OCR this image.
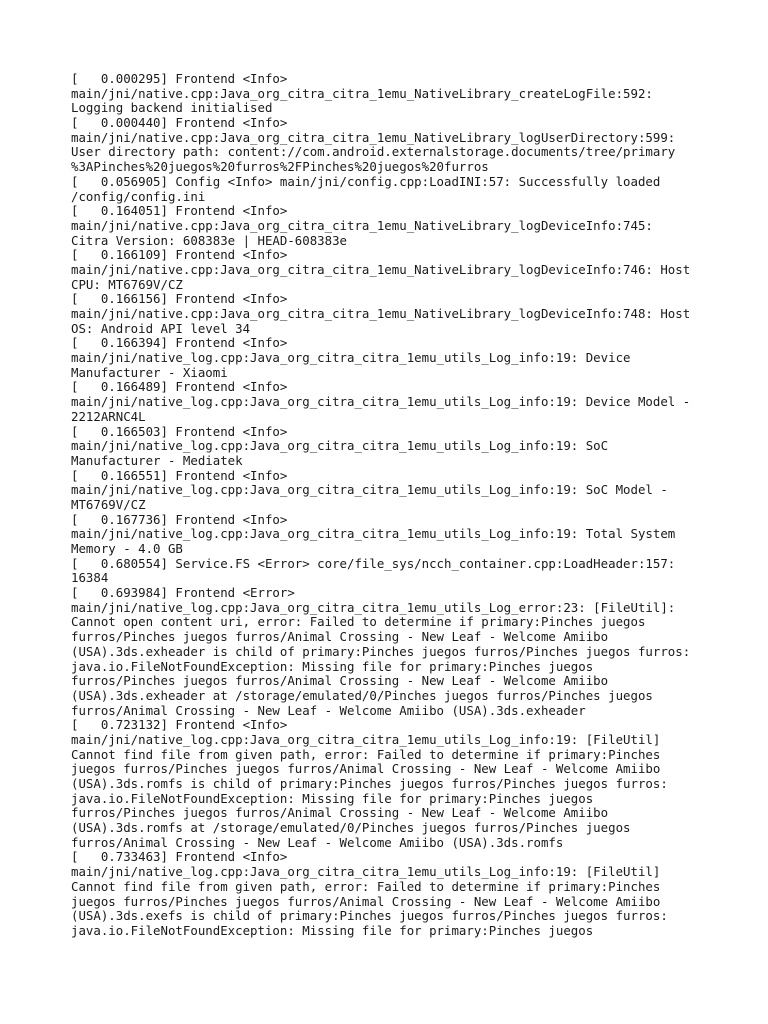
[   0.000295] Frontend <Info>
main/jni/native.cpp:Java_org_citra_citra_1emu_NativeLibrary_createLogFile:592:
Logging backend initialised
[   0.000440] Frontend <Info>
main/jni/native.cpp:Java_org_citra_citra_1emu_NativeLibrary_logUserDirectory:599:
User directory path: content://com.android.externalstorage.documents/tree/primary
%3APinches%20juegos%20furros%2FPinches%20juegos%20furros
[   0.056905] Config <Info> main/jni/config.cpp:LoadINI:57: Successfully loaded
/config/config.ini
[   0.164051] Frontend <Info>
main/jni/native.cpp:Java_org_citra_citra_1emu_NativeLibrary_logDeviceInfo:745:
Citra Version: 608383e | HEAD-608383e
[   0.166109] Frontend <Info>
main/jni/native.cpp:Java_org_citra_citra_1emu_NativeLibrary_logDeviceInfo:746: Host
CPU: MT6769V/CZ
[   0.166156] Frontend <Info>
main/jni/native.cpp:Java_org_citra_citra_1emu_NativeLibrary_logDeviceInfo:748: Host
OS: Android API level 34
[   0.166394] Frontend <Info>
main/jni/native_log.cpp:Java_org_citra_citra_1emu_utils_Log_info:19: Device
Manufacturer - Xiaomi
[   0.166489] Frontend <Info>
main/jni/native_log.cpp:Java_org_citra_citra_1emu_utils_Log_info:19: Device Model -
2212ARNC4L
[   0.166503] Frontend <Info>
main/jni/native_log.cpp:Java_org_citra_citra_1emu_utils_Log_info:19: SoC
Manufacturer - Mediatek
[   0.166551] Frontend <Info>
main/jni/native_log.cpp:Java_org_citra_citra_1emu_utils_Log_info:19: SoC Model -
MT6769V/CZ
[   0.167736] Frontend <Info>
main/jni/native_log.cpp:Java_org_citra_citra_1emu_utils_Log_info:19: Total System
Memory - 4.0 GB
[   0.680554] Service.FS <Error> core/file_sys/ncch_container.cpp:LoadHeader:157:
16384
[   0.693984] Frontend <Error>
main/jni/native_log.cpp:Java_org_citra_citra_1emu_utils_Log_error:23: [FileUtil]:
Cannot open content uri, error: Failed to determine if primary:Pinches juegos
furros/Pinches juegos furros/Animal Crossing - New Leaf - Welcome Amiibo
(USA).3ds.exheader is child of primary:Pinches juegos furros/Pinches juegos furros:
java.io.FileNotFoundException: Missing file for primary:Pinches juegos
furros/Pinches juegos furros/Animal Crossing - New Leaf - Welcome Amiibo
(USA).3ds.exheader at /storage/emulated/0/Pinches juegos furros/Pinches juegos
furros/Animal Crossing - New Leaf - Welcome Amiibo (USA).3ds.exheader
[   0.723132] Frontend <Info>
main/jni/native_log.cpp:Java_org_citra_citra_1emu_utils_Log_info:19: [FileUtil]
Cannot find file from given path, error: Failed to determine if primary:Pinches
juegos furros/Pinches juegos furros/Animal Crossing - New Leaf - Welcome Amiibo
(USA).3ds.romfs is child of primary:Pinches juegos furros/Pinches juegos furros:
java.io.FileNotFoundException: Missing file for primary:Pinches juegos
furros/Pinches juegos furros/Animal Crossing - New Leaf - Welcome Amiibo
(USA).3ds.romfs at /storage/emulated/0/Pinches juegos furros/Pinches juegos
furros/Animal Crossing - New Leaf - Welcome Amiibo (USA).3ds.romfs
[   0.733463] Frontend <Info>
main/jni/native_log.cpp:Java_org_citra_citra_1emu_utils_Log_info:19: [FileUtil]
Cannot find file from given path, error: Failed to determine if primary:Pinches
juegos furros/Pinches juegos furros/Animal Crossing - New Leaf - Welcome Amiibo
(USA).3ds.exefs is child of primary:Pinches juegos furros/Pinches juegos furros:
java.io.FileNotFoundException: Missing file for primary:Pinches juegos
